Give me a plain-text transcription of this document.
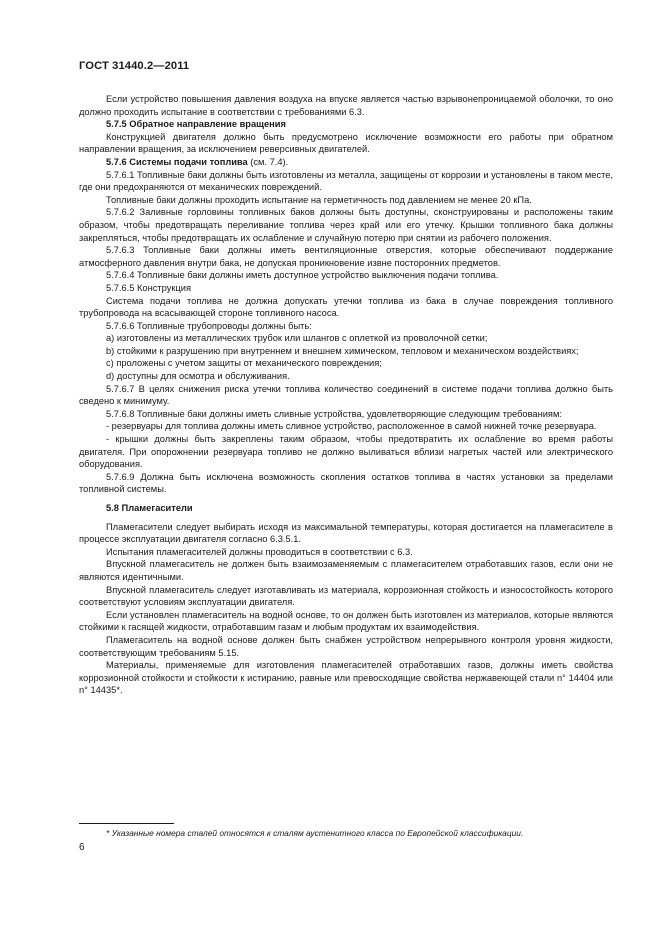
ГОСТ 31440.2—2011

Если устройство повышения давления воздуха на впуске является частью взрывонепроницаемой оболочки, то оно должно проходить испытание в соответствии с требованиями 6.3.

5.7.5 Обратное направление вращения

Конструкцией двигателя должно быть предусмотрено исключение возможности его работы при обратном направлении вращения, за исключением реверсивных двигателей.

5.7.6 Системы подачи топлива (см. 7.4).

5.7.6.1 Топливные баки должны быть изготовлены из металла, защищены от коррозии и установлены в таком месте, где они предохраняются от механических повреждений.

Топливные баки должны проходить испытание на герметичность под давлением не менее 20 кПа.

5.7.6.2 Заливные горловины топливных баков должны быть доступны, сконструированы и расположены таким образом, чтобы предотвращать переливание топлива через край или его утечку. Крышки топливного бака должны закрепляться, чтобы предотвращать их ослабление и случайную потерю при снятии из рабочего положения.

5.7.6.3 Топливные баки должны иметь вентиляционные отверстия, которые обеспечивают поддержание атмосферного давления внутри бака, не допуская проникновение извне посторонних предметов.

5.7.6.4 Топливные баки должны иметь доступное устройство выключения подачи топлива.

5.7.6.5 Конструкция

Система подачи топлива не должна допускать утечки топлива из бака в случае повреждения топливного трубопровода на всасывающей стороне топливного насоса.

5.7.6.6 Топливные трубопроводы должны быть:

a) изготовлены из металлических трубок или шлангов с оплеткой из проволочной сетки;

b) стойкими к разрушению при внутреннем и внешнем химическом, тепловом и механическом воздействиях;

c) проложены с учетом защиты от механического повреждения;

d) доступны для осмотра и обслуживания.

5.7.6.7 В целях снижения риска утечки топлива количество соединений в системе подачи топлива должно быть сведено к минимуму.

5.7.6.8 Топливные баки должны иметь сливные устройства, удовлетворяющие следующим требованиям:

- резервуары для топлива должны иметь сливное устройство, расположенное в самой нижней точке резервуара.

- крышки должны быть закреплены таким образом, чтобы предотвратить их ослабление во время работы двигателя. При опорожнении резервуара топливо не должно выливаться вблизи нагретых частей или электрического оборудования.

5.7.6.9 Должна быть исключена возможность скопления остатков топлива в частях установки за пределами топливной системы.

5.8 Пламегасители

Пламегасители следует выбирать исходя из максимальной температуры, которая достигается на пламегасителе в процессе эксплуатации двигателя согласно 6.3.5.1.

Испытания пламегасителей должны проводиться в соответствии с 6.3.

Впускной пламегаситель не должен быть взаимозаменяемым с пламегасителем отработавших газов, если они не являются идентичными.

Впускной пламегаситель следует изготавливать из материала, коррозионная стойкость и износостойкость которого соответствуют условиям эксплуатации двигателя.

Если установлен пламегаситель на водной основе, то он должен быть изготовлен из материалов, которые являются стойкими к гасящей жидкости, отработавшим газам и любым продуктам их взаимодействия.

Пламегаситель на водной основе должен быть снабжен устройством непрерывного контроля уровня жидкости, соответствующим требованиям 5.15.

Материалы, применяемые для изготовления пламегасителей отработавших газов, должны иметь свойства коррозионной стойкости и стойкости к истиранию, равные или превосходящие свойства нержавеющей стали n° 14404 или n° 14435*.

* Указанные номера сталей относятся к сталям аустенитного класса по Европейской классификации.
6
